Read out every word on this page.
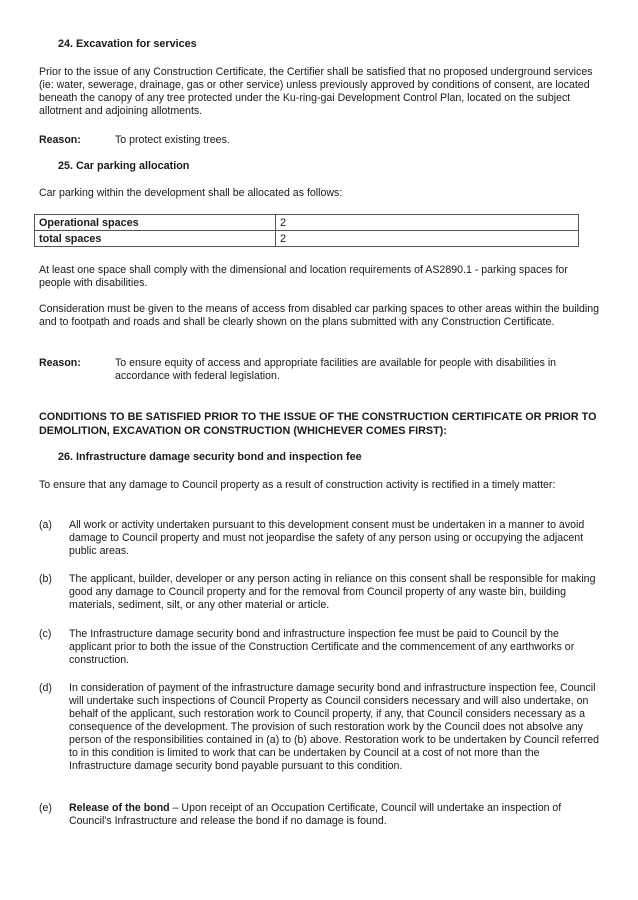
24. Excavation for services
Prior to the issue of any Construction Certificate, the Certifier shall be satisfied that no proposed underground services (ie: water, sewerage, drainage, gas or other service) unless previously approved by conditions of consent, are located beneath the canopy of any tree protected under the Ku-ring-gai Development Control Plan, located on the subject allotment and adjoining allotments.
Reason:	To protect existing trees.
25. Car parking allocation
Car parking within the development shall be allocated as follows:
Operational spaces	2
total spaces	2
At least one space shall comply with the dimensional and location requirements of AS2890.1 - parking spaces for people with disabilities.
Consideration must be given to the means of access from disabled car parking spaces to other areas within the building and to footpath and roads and shall be clearly shown on the plans submitted with any Construction Certificate.
Reason:	To ensure equity of access and appropriate facilities are available for people with disabilities in accordance with federal legislation.
CONDITIONS TO BE SATISFIED PRIOR TO THE ISSUE OF THE CONSTRUCTION CERTIFICATE OR PRIOR TO DEMOLITION, EXCAVATION OR CONSTRUCTION (WHICHEVER COMES FIRST):
26. Infrastructure damage security bond and inspection fee
To ensure that any damage to Council property as a result of construction activity is rectified in a timely matter:
(a) All work or activity undertaken pursuant to this development consent must be undertaken in a manner to avoid damage to Council property and must not jeopardise the safety of any person using or occupying the adjacent public areas.
(b) The applicant, builder, developer or any person acting in reliance on this consent shall be responsible for making good any damage to Council property and for the removal from Council property of any waste bin, building materials, sediment, silt, or any other material or article.
(c) The Infrastructure damage security bond and infrastructure inspection fee must be paid to Council by the applicant prior to both the issue of the Construction Certificate and the commencement of any earthworks or construction.
(d) In consideration of payment of the infrastructure damage security bond and infrastructure inspection fee, Council will undertake such inspections of Council Property as Council considers necessary and will also undertake, on behalf of the applicant, such restoration work to Council property, if any, that Council considers necessary as a consequence of the development. The provision of such restoration work by the Council does not absolve any person of the responsibilities contained in (a) to (b) above. Restoration work to be undertaken by Council referred to in this condition is limited to work that can be undertaken by Council at a cost of not more than the Infrastructure damage security bond payable pursuant to this condition.
(e) Release of the bond – Upon receipt of an Occupation Certificate, Council will undertake an inspection of Council's Infrastructure and release the bond if no damage is found.
